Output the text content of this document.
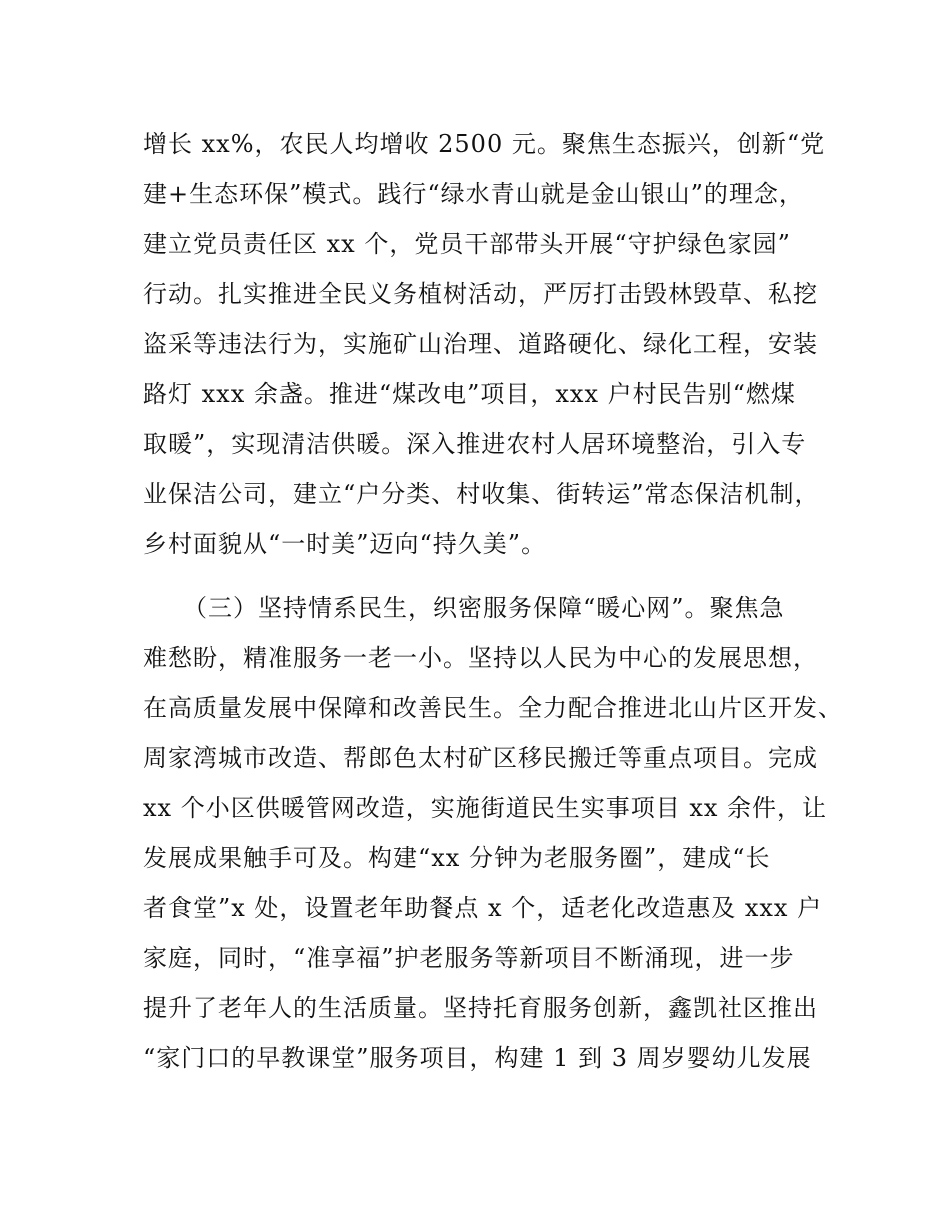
增长 xx%，农民人均增收 2500 元。聚焦生态振兴，创新“党
建+生态环保”模式。践行“绿水青山就是金山银山”的理念，
建立党员责任区 xx 个，党员干部带头开展“守护绿色家园”
行动。扎实推进全民义务植树活动，严厉打击毁林毁草、私挖
盗采等违法行为，实施矿山治理、道路硬化、绿化工程，安装
路灯 xxx 余盏。推进“煤改电”项目，xxx 户村民告别“燃煤
取暖”，实现清洁供暖。深入推进农村人居环境整治，引入专
业保洁公司，建立“户分类、村收集、街转运”常态保洁机制，
乡村面貌从“一时美”迈向“持久美”。
（三）坚持情系民生，织密服务保障“暖心网”。聚焦急
难愁盼，精准服务一老一小。坚持以人民为中心的发展思想，
在高质量发展中保障和改善民生。全力配合推进北山片区开发、
周家湾城市改造、帮郎色太村矿区移民搬迁等重点项目。完成
xx 个小区供暖管网改造，实施街道民生实事项目 xx 余件，让
发展成果触手可及。构建“xx 分钟为老服务圈”，建成“长
者食堂”x 处，设置老年助餐点 x 个，适老化改造惠及 xxx 户
家庭，同时，“准享福”护老服务等新项目不断涌现，进一步
提升了老年人的生活质量。坚持托育服务创新，鑫凯社区推出
“家门口的早教课堂”服务项目，构建 1 到 3 周岁婴幼儿发展
